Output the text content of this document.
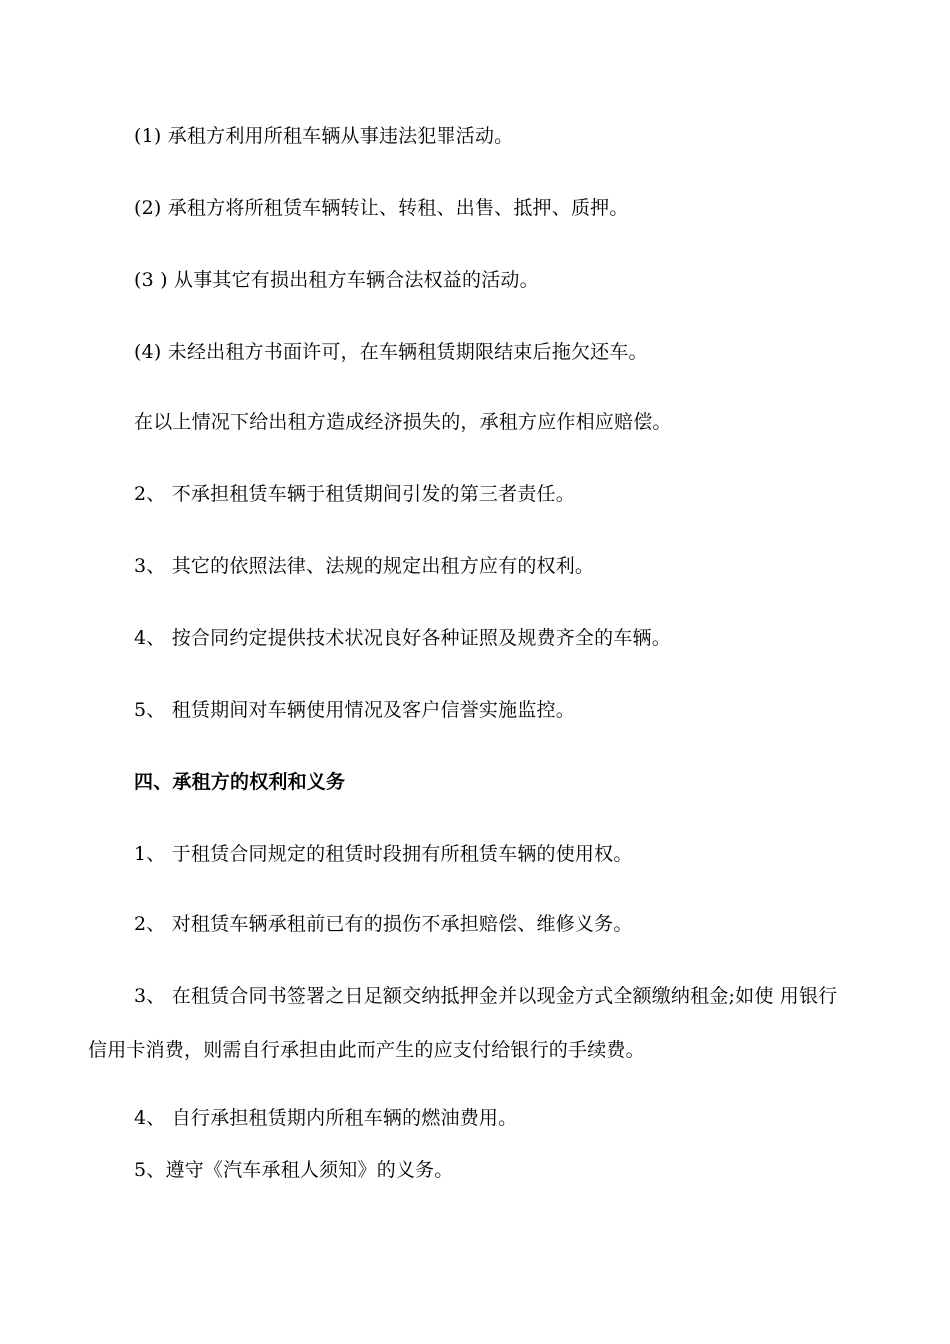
(1) 承租方利用所租车辆从事违法犯罪活动。
(2) 承租方将所租赁车辆转让、转租、出售、抵押、质押。
(3 ) 从事其它有损出租方车辆合法权益的活动。
(4) 未经出租方书面许可，在车辆租赁期限结束后拖欠还车。
在以上情况下给出租方造成经济损失的，承租方应作相应赔偿。
2、 不承担租赁车辆于租赁期间引发的第三者责任。
3、 其它的依照法律、法规的规定出租方应有的权利。
4、 按合同约定提供技术状况良好各种证照及规费齐全的车辆。
5、 租赁期间对车辆使用情况及客户信誉实施监控。
四、承租方的权利和义务
1、 于租赁合同规定的租赁时段拥有所租赁车辆的使用权。
2、 对租赁车辆承租前已有的损伤不承担赔偿、维修义务。
3、 在租赁合同书签署之日足额交纳抵押金并以现金方式全额缴纳租金;如使 用银行
信用卡消费，则需自行承担由此而产生的应支付给银行的手续费。
4、 自行承担租赁期内所租车辆的燃油费用。
5、遵守《汽车承租人须知》的义务。
